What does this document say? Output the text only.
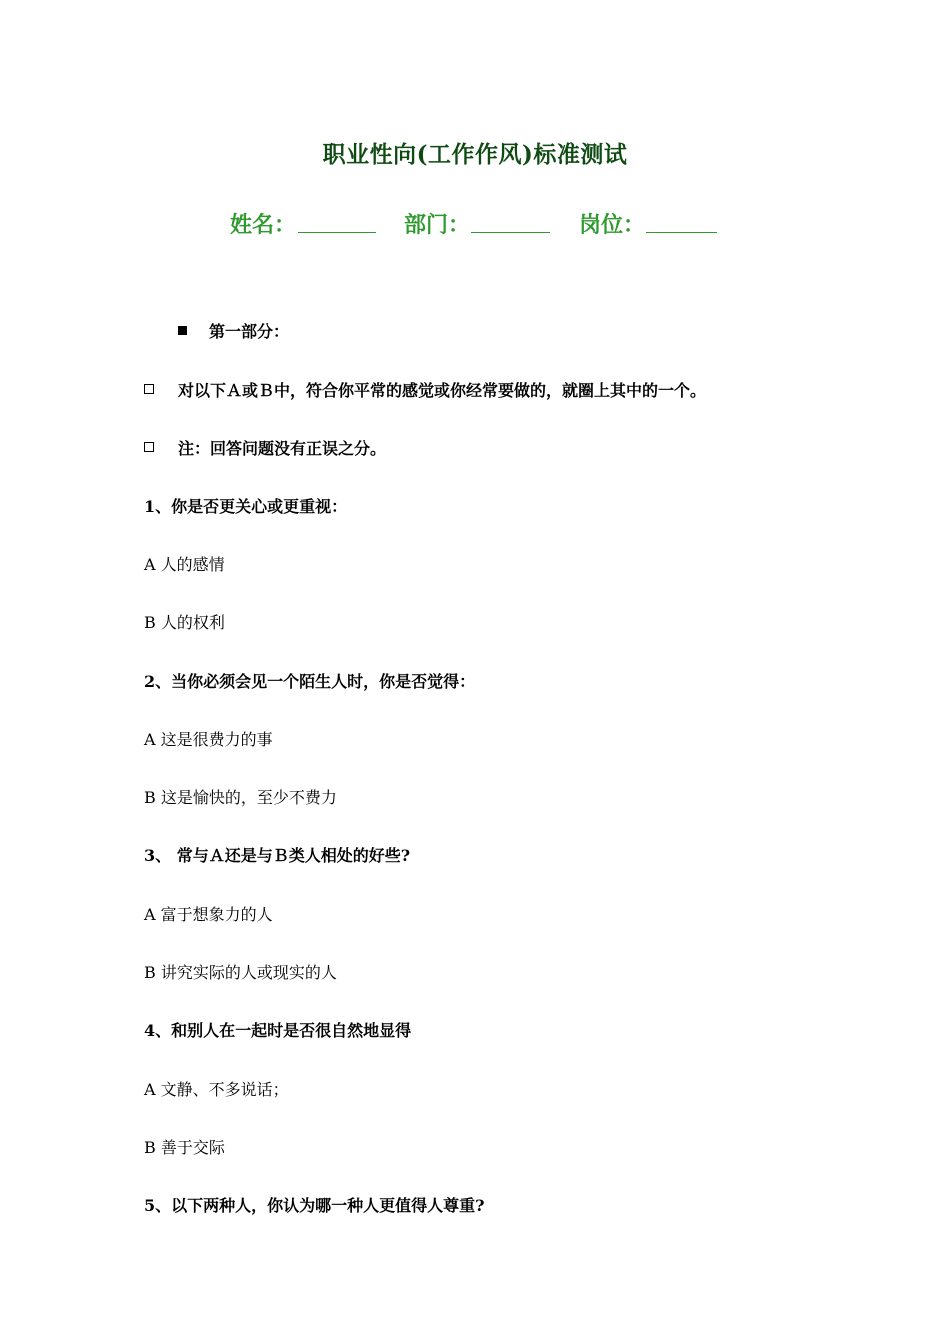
职业性向(工作作风)标准测试
姓名：	部门：	岗位：
第一部分：
对以下Ａ或Ｂ中，符合你平常的感觉或你经常要做的，就圈上其中的一个。
注：回答问题没有正误之分。
1、你是否更关心或更重视：
A 人的感情
B 人的权利
2、当你必须会见一个陌生人时，你是否觉得：
A 这是很费力的事
B 这是愉快的，至少不费力
3、 常与Ａ还是与Ｂ类人相处的好些?
A 富于想象力的人
B 讲究实际的人或现实的人
4、和别人在一起时是否很自然地显得
A 文静、不多说话；
B 善于交际
5、以下两种人，你认为哪一种人更值得人尊重?
